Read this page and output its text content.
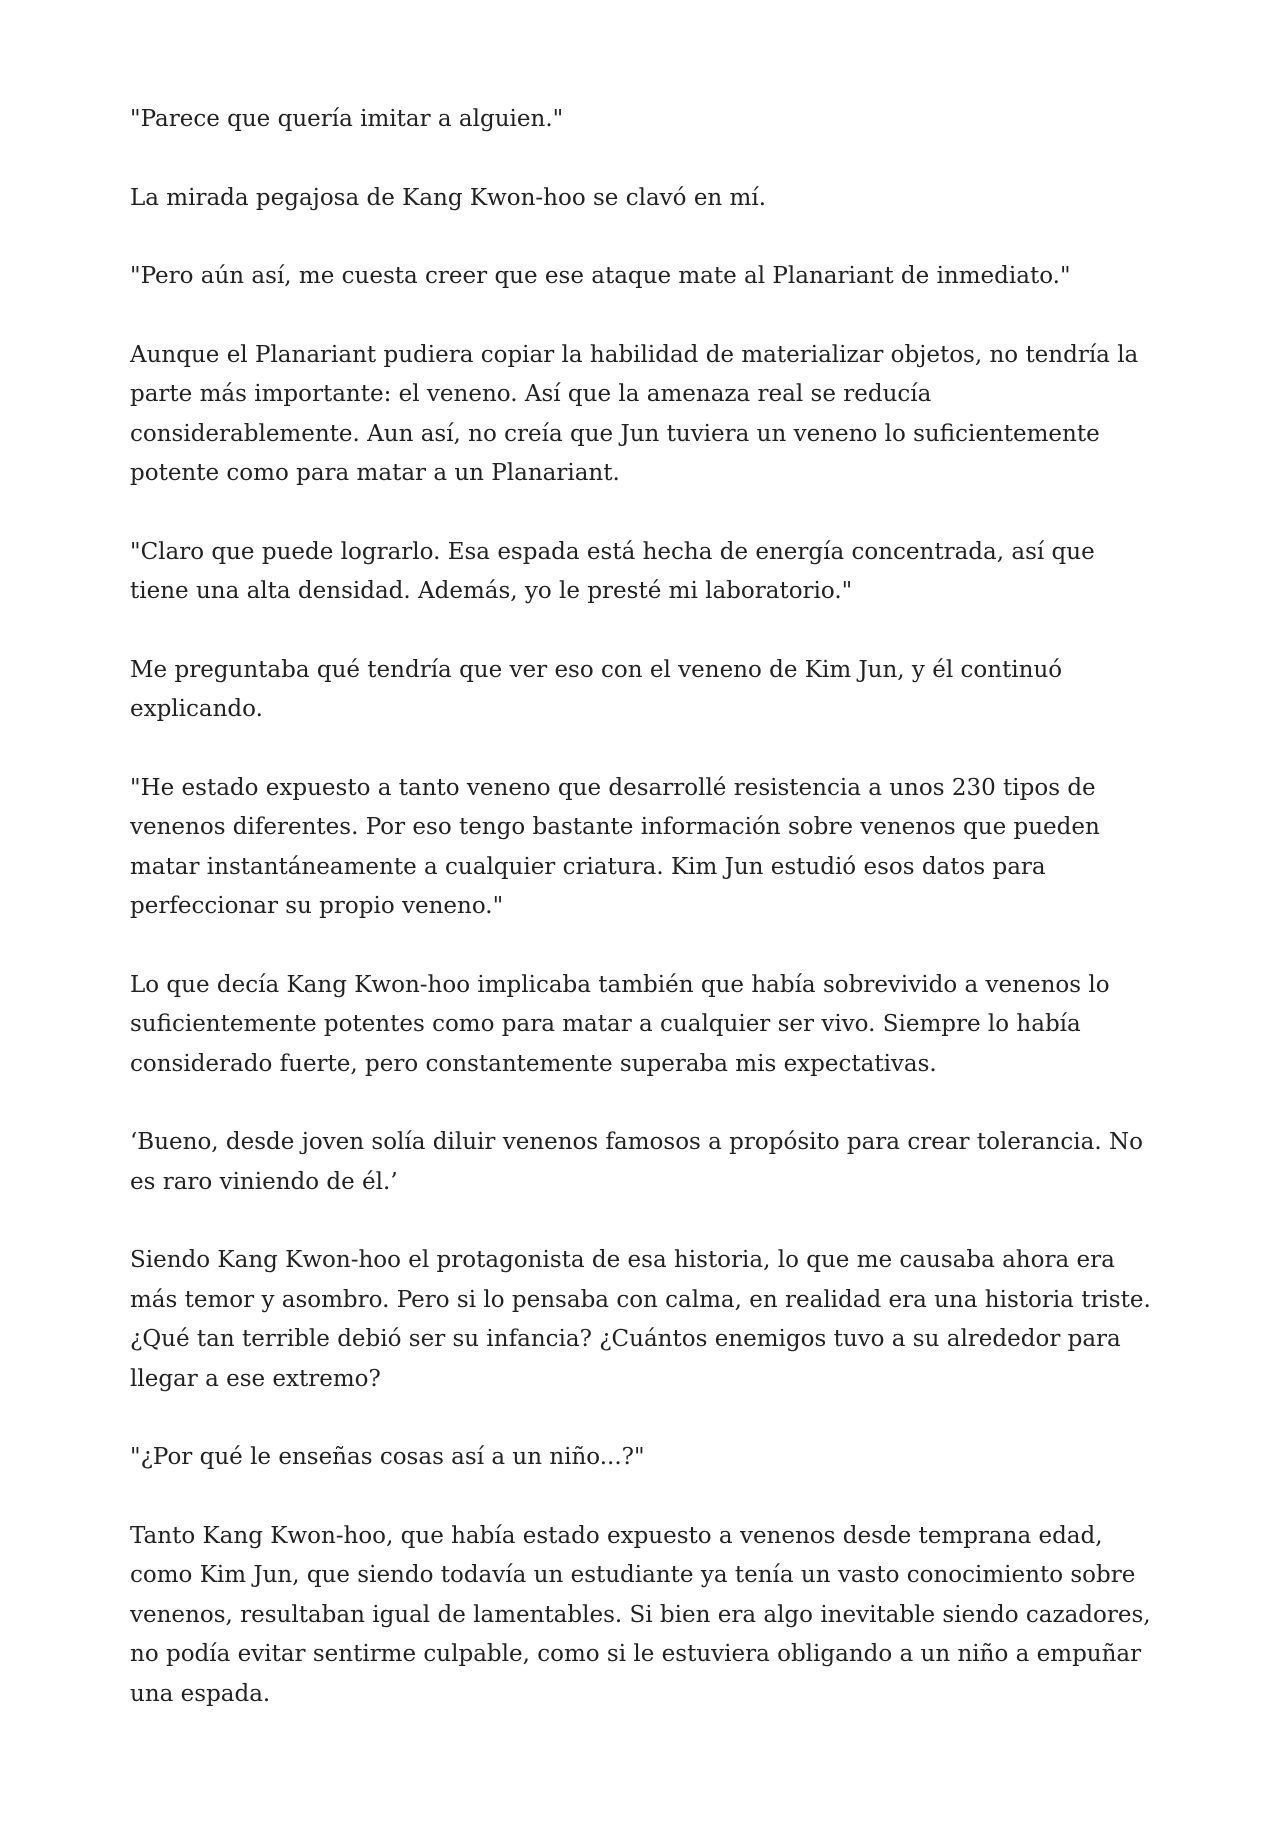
"Parece que quería imitar a alguien."

La mirada pegajosa de Kang Kwon-hoo se clavó en mí.

"Pero aún así, me cuesta creer que ese ataque mate al Planariant de inmediato."

Aunque el Planariant pudiera copiar la habilidad de materializar objetos, no tendría la parte más importante: el veneno. Así que la amenaza real se reducía considerablemente. Aun así, no creía que Jun tuviera un veneno lo suficientemente potente como para matar a un Planariant.

"Claro que puede lograrlo. Esa espada está hecha de energía concentrada, así que tiene una alta densidad. Además, yo le presté mi laboratorio."

Me preguntaba qué tendría que ver eso con el veneno de Kim Jun, y él continuó explicando.

"He estado expuesto a tanto veneno que desarrollé resistencia a unos 230 tipos de venenos diferentes. Por eso tengo bastante información sobre venenos que pueden matar instantáneamente a cualquier criatura. Kim Jun estudió esos datos para perfeccionar su propio veneno."

Lo que decía Kang Kwon-hoo implicaba también que había sobrevivido a venenos lo suficientemente potentes como para matar a cualquier ser vivo. Siempre lo había considerado fuerte, pero constantemente superaba mis expectativas.

‘Bueno, desde joven solía diluir venenos famosos a propósito para crear tolerancia. No es raro viniendo de él.’

Siendo Kang Kwon-hoo el protagonista de esa historia, lo que me causaba ahora era más temor y asombro. Pero si lo pensaba con calma, en realidad era una historia triste. ¿Qué tan terrible debió ser su infancia? ¿Cuántos enemigos tuvo a su alrededor para llegar a ese extremo?

"¿Por qué le enseñas cosas así a un niño...?"

Tanto Kang Kwon-hoo, que había estado expuesto a venenos desde temprana edad, como Kim Jun, que siendo todavía un estudiante ya tenía un vasto conocimiento sobre venenos, resultaban igual de lamentables. Si bien era algo inevitable siendo cazadores, no podía evitar sentirme culpable, como si le estuviera obligando a un niño a empuñar una espada.
